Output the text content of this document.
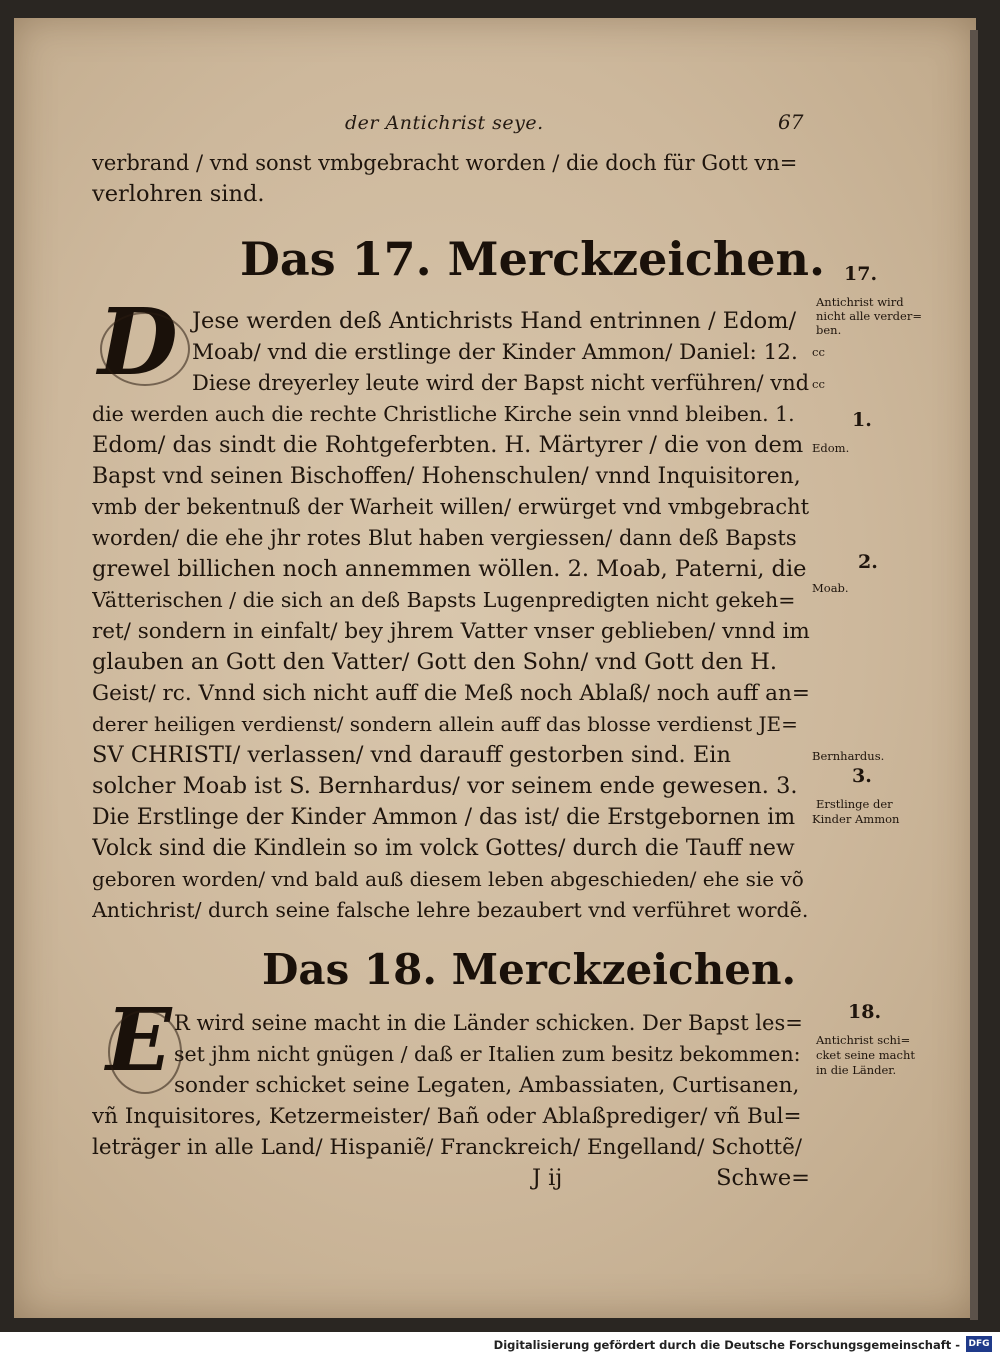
der Antichrist seye.	67
verbrand / vnd sonst vmbgebracht worden / die doch für Gott vn=
verlohren sind.
Das 17. Merckzeichen.
D Jese werden deß Antichrists Hand entrinnen / Edom/
Moab/ vnd die erstlinge der Kinder Ammon/ Daniel: 12.
Diese dreyerley leute wird der Bapst nicht verführen/ vnd
die werden auch die rechte Christliche Kirche sein vnnd bleiben. 1.
Edom/ das sindt die Rohtgeferbten. H. Märtyrer / die von dem
Bapst vnd seinen Bischoffen/ Hohenschulen/ vnnd Inquisitoren,
vmb der bekentnuß der Warheit willen/ erwürget vnd vmbgebracht
worden/ die ehe jhr rotes Blut haben vergiessen/ dann deß Bapsts
grewel billichen noch annemmen wöllen. 2. Moab, Paterni, die
Vätterischen / die sich an deß Bapsts Lugenpredigten nicht gekeh=
ret/ sondern in einfalt/ bey jhrem Vatter vnser geblieben/ vnnd im
glauben an Gott den Vatter/ Gott den Sohn/ vnd Gott den H.
Geist/ rc. Vnnd sich nicht auff die Meß noch Ablaß/ noch auff an=
derer heiligen verdienst/ sondern allein auff das blosse verdienst JE=
SV CHRISTI/ verlassen/ vnd darauff gestorben sind. Ein
solcher Moab ist S. Bernhardus/ vor seinem ende gewesen. 3.
Die Erstlinge der Kinder Ammon / das ist/ die Erstgebornen im
Volck sind die Kindlein so im volck Gottes/ durch die Tauff new
geboren worden/ vnd bald auß diesem leben abgeschieden/ ehe sie võ
Antichrist/ durch seine falsche lehre bezaubert vnd verführet wordẽ.
Das 18. Merckzeichen.
E R wird seine macht in die Länder schicken. Der Bapst les=
set jhm nicht gnügen / daß er Italien zum besitz bekommen:
sonder schicket seine Legaten, Ambassiaten, Curtisanen,
vñ Inquisitores, Ketzermeister/ Bañ oder Ablaßprediger/ vñ Bul=
leträger in alle Land/ Hispaniẽ/ Franckreich/ Engelland/ Schottẽ/
J ij	Schwe=
17.
Antichrist wird
nicht alle verder=
ben.
cc
cc
1.
Edom.
2.
Moab.
Bernhardus.
3.
Erstlinge der
Kinder Ammon
18.
Antichrist schi=
cket seine macht
in die Länder.
Digitalisierung gefördert durch die Deutsche Forschungsgemeinschaft - DFG
